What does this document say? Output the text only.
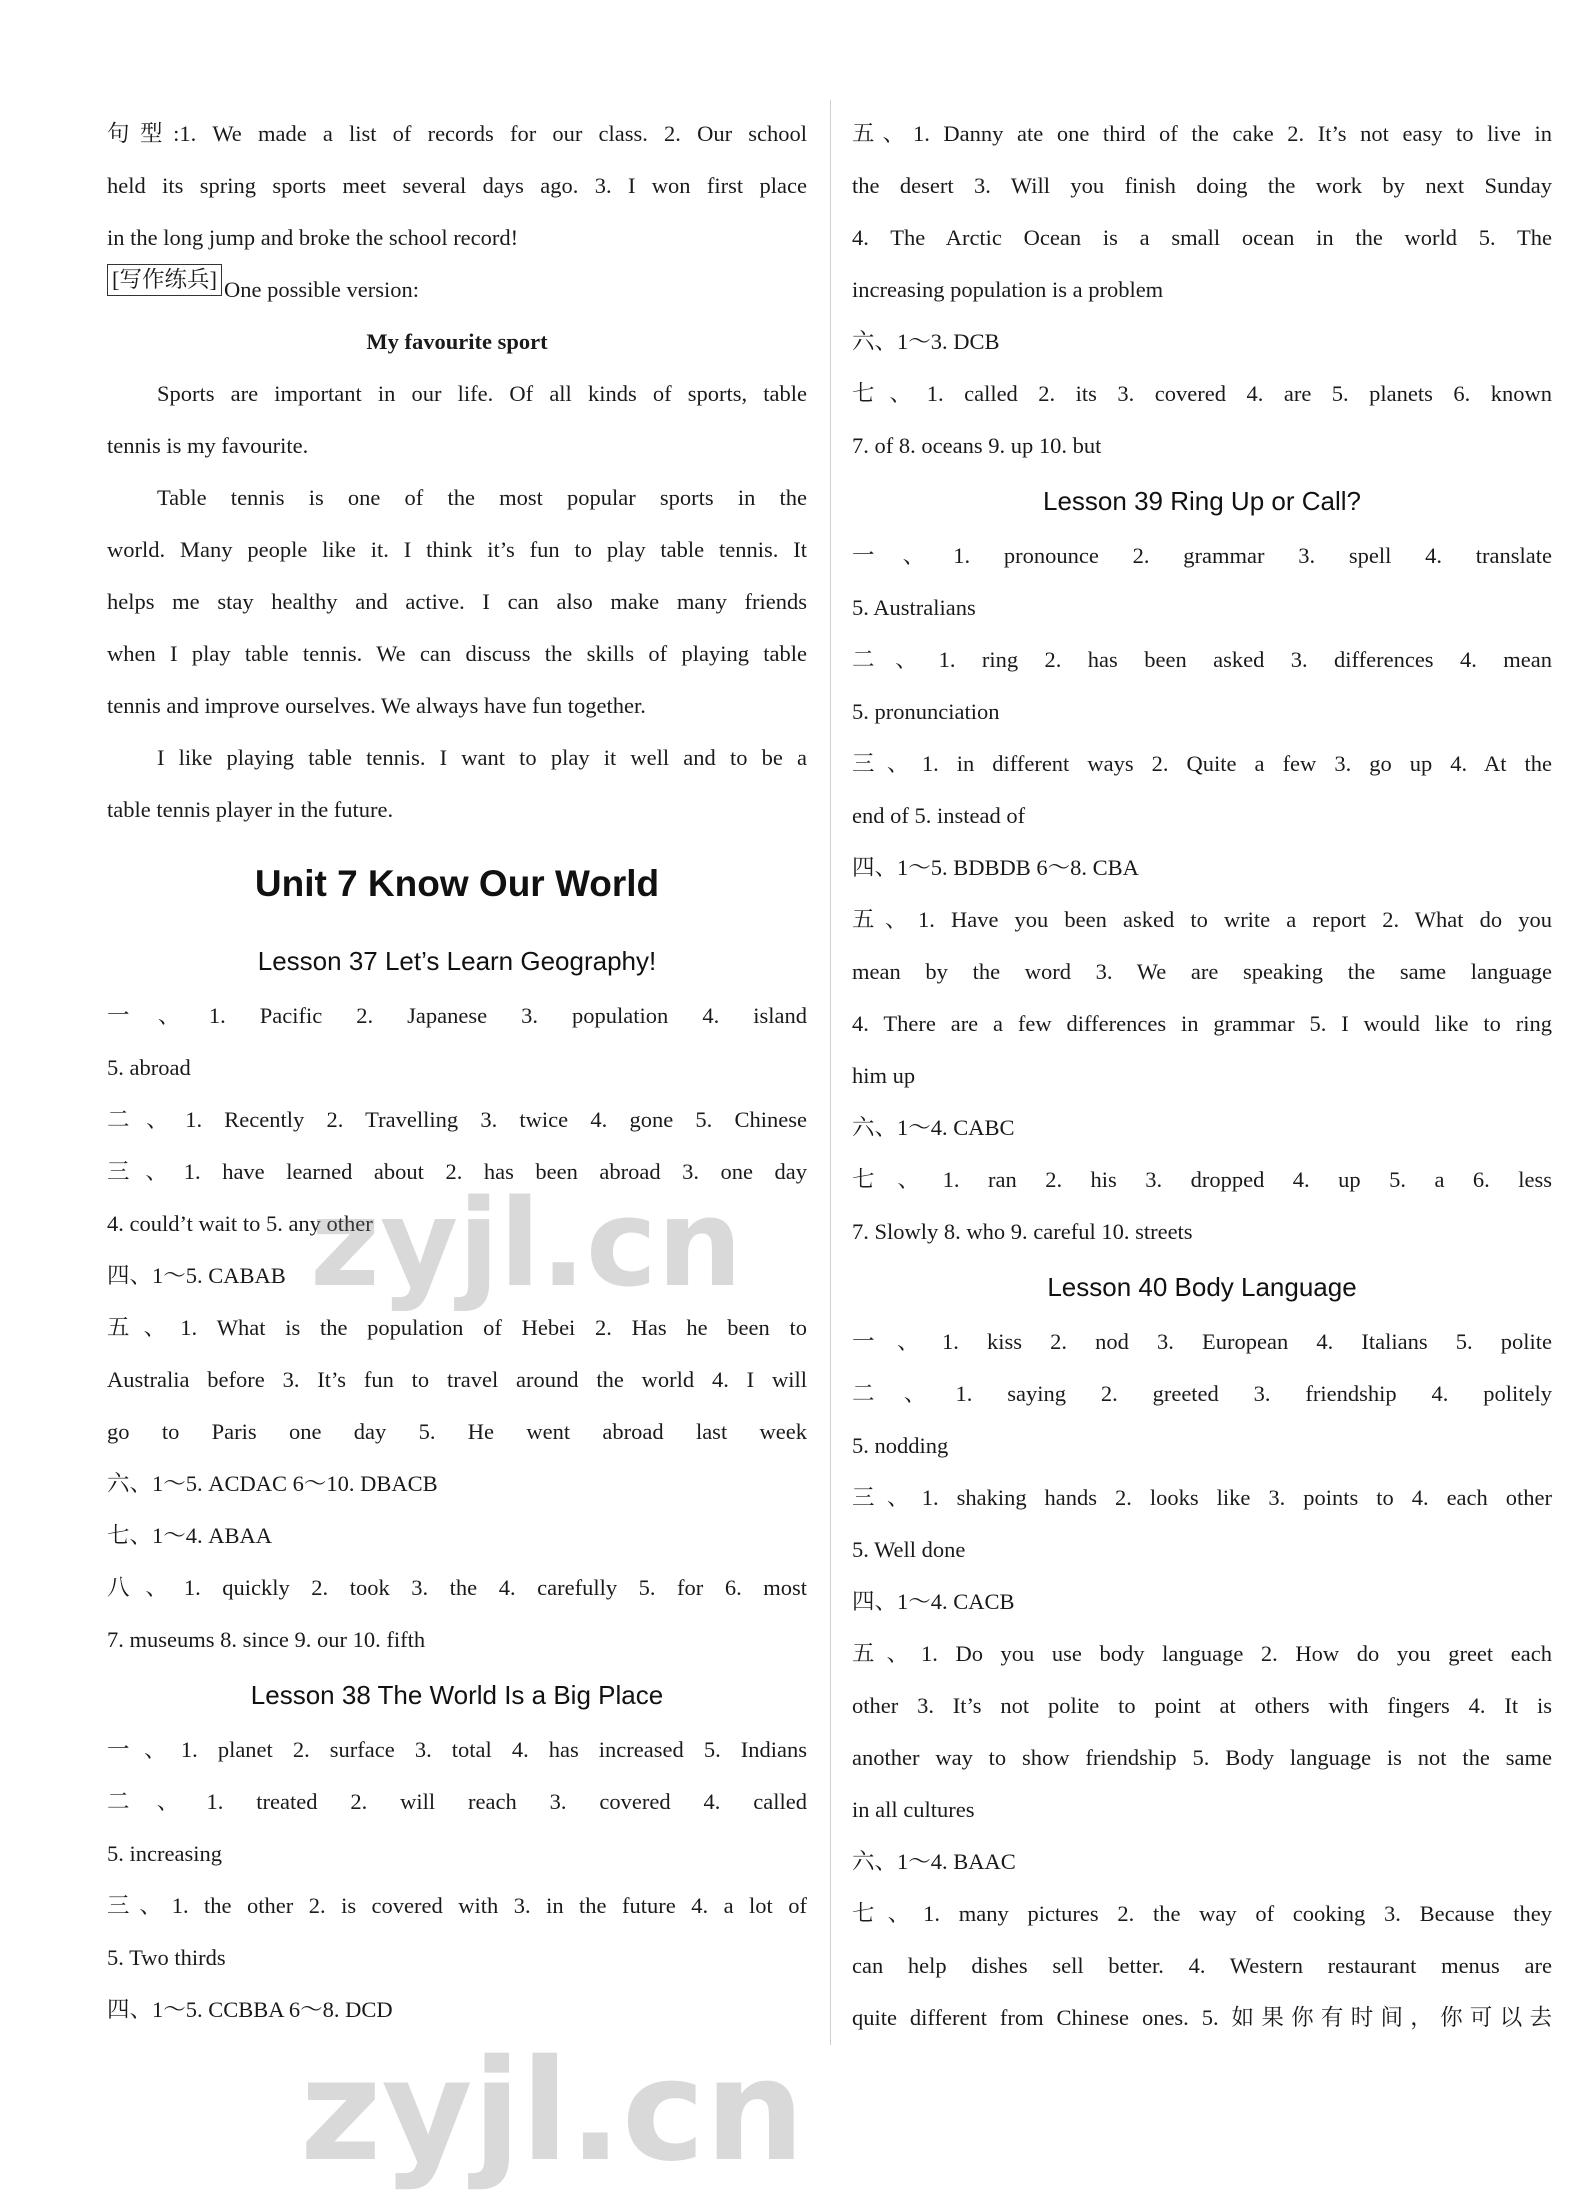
句型:1. We made a list of records for our class. 2. Our school
held its spring sports meet several days ago. 3. I won first place
in the long jump and broke the school record!
[写作练兵] One possible version:
My favourite sport
Sports are important in our life. Of all kinds of sports, table
tennis is my favourite.
Table tennis is one of the most popular sports in the
world. Many people like it. I think it’s fun to play table tennis. It
helps me stay healthy and active. I can also make many friends
when I play table tennis. We can discuss the skills of playing table
tennis and improve ourselves. We always have fun together.
I like playing table tennis. I want to play it well and to be a
table tennis player in the future.
Unit 7 Know Our World
Lesson 37 Let’s Learn Geography!
一、1. Pacific 2. Japanese 3. population 4. island
5. abroad
二、1. Recently 2. Travelling 3. twice 4. gone 5. Chinese
三、1. have learned about 2. has been abroad 3. one day
4. could’t wait to 5. any other
四、1～5. CABAB
五、1. What is the population of Hebei 2. Has he been to
Australia before 3. It’s fun to travel around the world 4. I will
go to Paris one day 5. He went abroad last week
六、1～5. ACDAC 6～10. DBACB
七、1～4. ABAA
八、1. quickly 2. took 3. the 4. carefully 5. for 6. most
7. museums 8. since 9. our 10. fifth
Lesson 38 The World Is a Big Place
一、1. planet 2. surface 3. total 4. has increased 5. Indians
二、1. treated 2. will reach 3. covered 4. called
5. increasing
三、1. the other 2. is covered with 3. in the future 4. a lot of
5. Two thirds
四、1～5. CCBBA 6～8. DCD
五、1. Danny ate one third of the cake 2. It’s not easy to live in
the desert 3. Will you finish doing the work by next Sunday
4. The Arctic Ocean is a small ocean in the world 5. The
increasing population is a problem
六、1～3. DCB
七、1. called 2. its 3. covered 4. are 5. planets 6. known
7. of 8. oceans 9. up 10. but
Lesson 39 Ring Up or Call?
一、1. pronounce 2. grammar 3. spell 4. translate
5. Australians
二、1. ring 2. has been asked 3. differences 4. mean
5. pronunciation
三、1. in different ways 2. Quite a few 3. go up 4. At the
end of 5. instead of
四、1～5. BDBDB 6～8. CBA
五、1. Have you been asked to write a report 2. What do you
mean by the word 3. We are speaking the same language
4. There are a few differences in grammar 5. I would like to ring
him up
六、1～4. CABC
七、1. ran 2. his 3. dropped 4. up 5. a 6. less
7. Slowly 8. who 9. careful 10. streets
Lesson 40 Body Language
一、1. kiss 2. nod 3. European 4. Italians 5. polite
二、1. saying 2. greeted 3. friendship 4. politely
5. nodding
三、1. shaking hands 2. looks like 3. points to 4. each other
5. Well done
四、1～4. CACB
五、1. Do you use body language 2. How do you greet each
other 3. It’s not polite to point at others with fingers 4. It is
another way to show friendship 5. Body language is not the same
in all cultures
六、1～4. BAAC
七、1. many pictures 2. the way of cooking 3. Because they
can help dishes sell better. 4. Western restaurant menus are
quite different from Chinese ones. 5. 如果你有时间，你可以去
zyjl.cn
zyjl.cn
